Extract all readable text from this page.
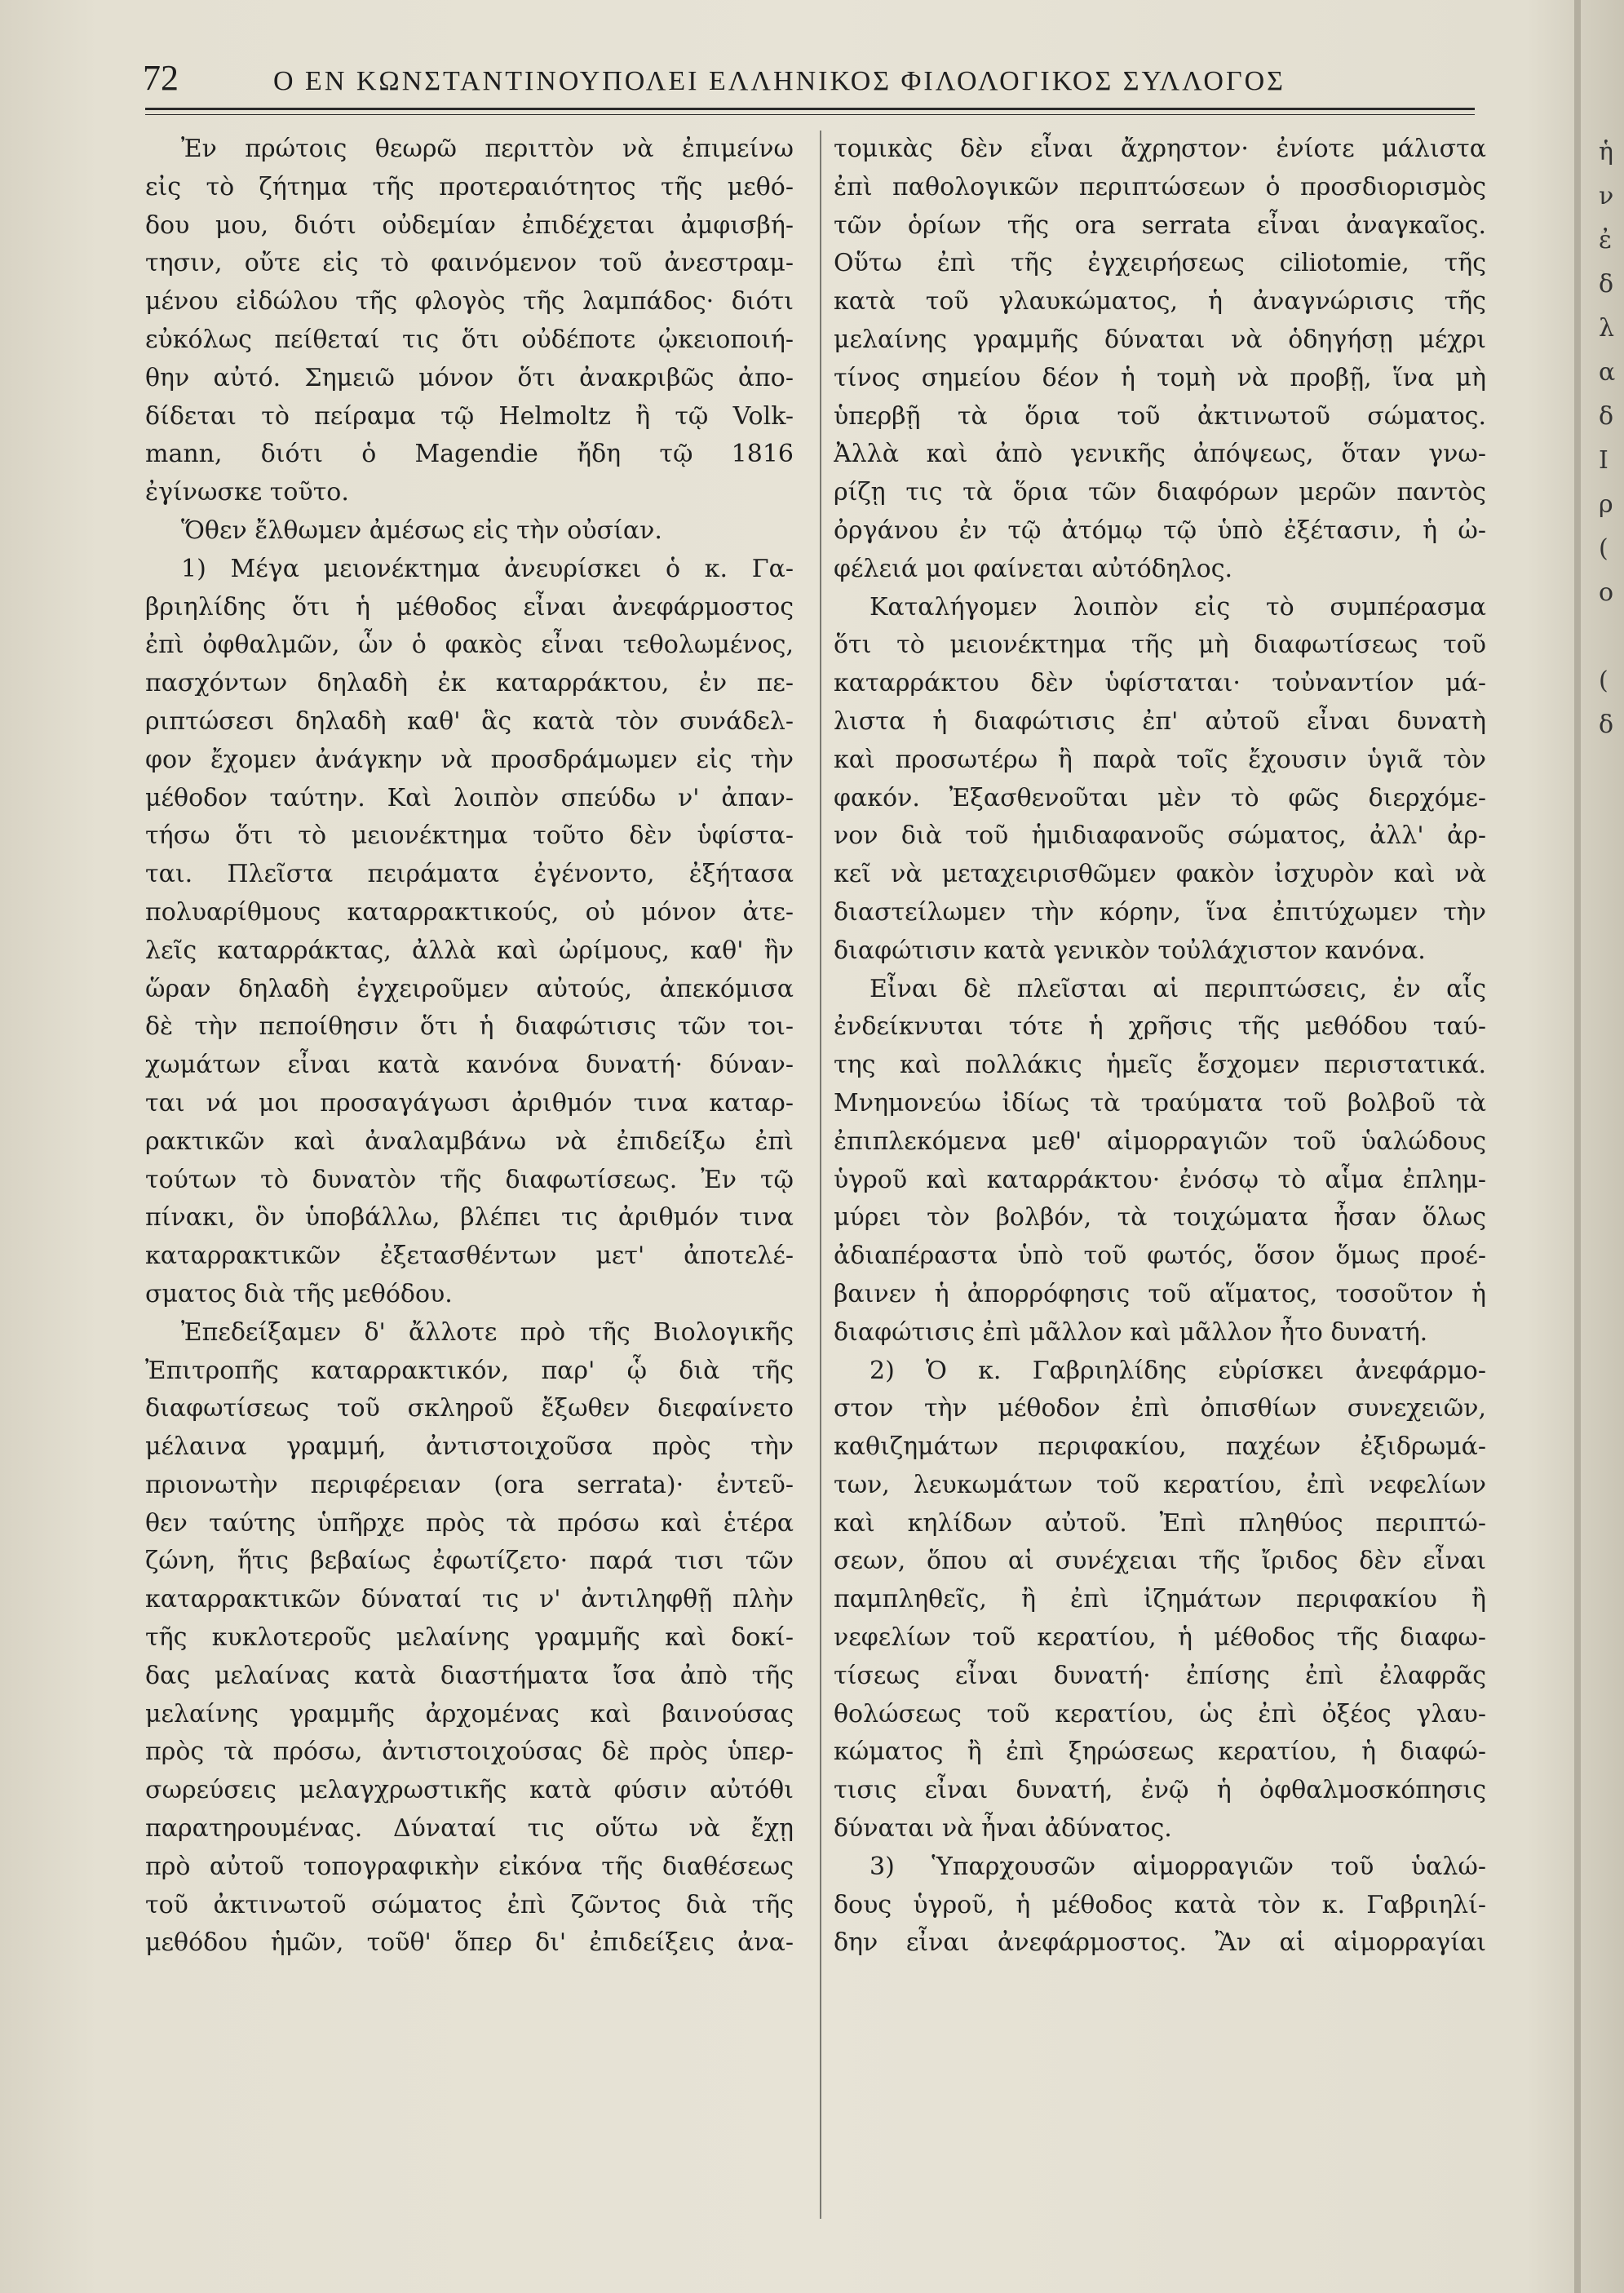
72	Ο ΕΝ ΚΩΝΣΤΑΝΤΙΝΟΥΠΟΛΕΙ ΕΛΛΗΝΙΚΟΣ ΦΙΛΟΛΟΓΙΚΟΣ ΣΥΛΛΟΓΟΣ
Ἐν πρώτοις θεωρῶ περιττὸν νὰ ἐπιμείνω
εἰς τὸ ζήτημα τῆς προτεραιότητος τῆς μεθό-
δου μου, διότι οὐδεμίαν ἐπιδέχεται ἀμφισβή-
τησιν, οὔτε εἰς τὸ φαινόμενον τοῦ ἀνεστραμ-
μένου εἰδώλου τῆς φλογὸς τῆς λαμπάδος· διότι
εὐκόλως πείθεταί τις ὅτι οὐδέποτε ᾠκειοποιή-
θην αὐτό. Σημειῶ μόνον ὅτι ἀνακριβῶς ἀπο-
δίδεται τὸ πείραμα τῷ Helmoltz ἢ τῷ Volk-
mann, διότι ὁ Magendie ἤδη τῷ 1816
ἐγίνωσκε τοῦτο.
Ὅθεν ἔλθωμεν ἀμέσως εἰς τὴν οὐσίαν.
1) Μέγα μειονέκτημα ἀνευρίσκει ὁ κ. Γα-
βριηλίδης ὅτι ἡ μέθοδος εἶναι ἀνεφάρμοστος
ἐπὶ ὀφθαλμῶν, ὧν ὁ φακὸς εἶναι τεθολωμένος,
πασχόντων δηλαδὴ ἐκ καταρράκτου, ἐν πε-
ριπτώσεσι δηλαδὴ καθ' ἃς κατὰ τὸν συνάδελ-
φον ἔχομεν ἀνάγκην νὰ προσδράμωμεν εἰς τὴν
μέθοδον ταύτην. Καὶ λοιπὸν σπεύδω ν' ἀπαν-
τήσω ὅτι τὸ μειονέκτημα τοῦτο δὲν ὑφίστα-
ται. Πλεῖστα πειράματα ἐγένοντο, ἐξήτασα
πολυαρίθμους καταρρακτικούς, οὐ μόνον ἀτε-
λεῖς καταρράκτας, ἀλλὰ καὶ ὠρίμους, καθ' ἣν
ὥραν δηλαδὴ ἐγχειροῦμεν αὐτούς, ἀπεκόμισα
δὲ τὴν πεποίθησιν ὅτι ἡ διαφώτισις τῶν τοι-
χωμάτων εἶναι κατὰ κανόνα δυνατή· δύναν-
ται νά μοι προσαγάγωσι ἀριθμόν τινα καταρ-
ρακτικῶν καὶ ἀναλαμβάνω νὰ ἐπιδείξω ἐπὶ
τούτων τὸ δυνατὸν τῆς διαφωτίσεως. Ἐν τῷ
πίνακι, ὃν ὑποβάλλω, βλέπει τις ἀριθμόν τινα
καταρρακτικῶν ἐξετασθέντων μετ' ἀποτελέ-
σματος διὰ τῆς μεθόδου.
Ἐπεδείξαμεν δ' ἄλλοτε πρὸ τῆς Βιολογικῆς
Ἐπιτροπῆς καταρρακτικόν, παρ' ᾧ διὰ τῆς
διαφωτίσεως τοῦ σκληροῦ ἔξωθεν διεφαίνετο
μέλαινα γραμμή, ἀντιστοιχοῦσα πρὸς τὴν
πριονωτὴν περιφέρειαν (ora serrata)· ἐντεῦ-
θεν ταύτης ὑπῆρχε πρὸς τὰ πρόσω καὶ ἑτέρα
ζώνη, ἥτις βεβαίως ἐφωτίζετο· παρά τισι τῶν
καταρρακτικῶν δύναταί τις ν' ἀντιληφθῇ πλὴν
τῆς κυκλοτεροῦς μελαίνης γραμμῆς καὶ δοκί-
δας μελαίνας κατὰ διαστήματα ἴσα ἀπὸ τῆς
μελαίνης γραμμῆς ἀρχομένας καὶ βαινούσας
πρὸς τὰ πρόσω, ἀντιστοιχούσας δὲ πρὸς ὑπερ-
σωρεύσεις μελαγχρωστικῆς κατὰ φύσιν αὐτόθι
παρατηρουμένας. Δύναταί τις οὕτω νὰ ἔχῃ
πρὸ αὐτοῦ τοπογραφικὴν εἰκόνα τῆς διαθέσεως
τοῦ ἀκτινωτοῦ σώματος ἐπὶ ζῶντος διὰ τῆς
μεθόδου ἡμῶν, τοῦθ' ὅπερ δι' ἐπιδείξεις ἀνα-
τομικὰς δὲν εἶναι ἄχρηστον· ἐνίοτε μάλιστα
ἐπὶ παθολογικῶν περιπτώσεων ὁ προσδιορισμὸς
τῶν ὁρίων τῆς ora serrata εἶναι ἀναγκαῖος.
Οὕτω ἐπὶ τῆς ἐγχειρήσεως ciliotomie, τῆς
κατὰ τοῦ γλαυκώματος, ἡ ἀναγνώρισις τῆς
μελαίνης γραμμῆς δύναται νὰ ὁδηγήσῃ μέχρι
τίνος σημείου δέον ἡ τομὴ νὰ προβῇ, ἵνα μὴ
ὑπερβῇ τὰ ὅρια τοῦ ἀκτινωτοῦ σώματος.
Ἀλλὰ καὶ ἀπὸ γενικῆς ἀπόψεως, ὅταν γνω-
ρίζῃ τις τὰ ὅρια τῶν διαφόρων μερῶν παντὸς
ὀργάνου ἐν τῷ ἀτόμῳ τῷ ὑπὸ ἐξέτασιν, ἡ ὠ-
φέλειά μοι φαίνεται αὐτόδηλος.
Καταλήγομεν λοιπὸν εἰς τὸ συμπέρασμα
ὅτι τὸ μειονέκτημα τῆς μὴ διαφωτίσεως τοῦ
καταρράκτου δὲν ὑφίσταται· τοὐναντίον μά-
λιστα ἡ διαφώτισις ἐπ' αὐτοῦ εἶναι δυνατὴ
καὶ προσωτέρω ἢ παρὰ τοῖς ἔχουσιν ὑγιᾶ τὸν
φακόν. Ἐξασθενοῦται μὲν τὸ φῶς διερχόμε-
νον διὰ τοῦ ἡμιδιαφανοῦς σώματος, ἀλλ' ἀρ-
κεῖ νὰ μεταχειρισθῶμεν φακὸν ἰσχυρὸν καὶ νὰ
διαστείλωμεν τὴν κόρην, ἵνα ἐπιτύχωμεν τὴν
διαφώτισιν κατὰ γενικὸν τοὐλάχιστον κανόνα.
Εἶναι δὲ πλεῖσται αἱ περιπτώσεις, ἐν αἷς
ἐνδείκνυται τότε ἡ χρῆσις τῆς μεθόδου ταύ-
της καὶ πολλάκις ἡμεῖς ἔσχομεν περιστατικά.
Μνημονεύω ἰδίως τὰ τραύματα τοῦ βολβοῦ τὰ
ἐπιπλεκόμενα μεθ' αἱμορραγιῶν τοῦ ὑαλώδους
ὑγροῦ καὶ καταρράκτου· ἐνόσῳ τὸ αἷμα ἐπλημ-
μύρει τὸν βολβόν, τὰ τοιχώματα ἦσαν ὅλως
ἀδιαπέραστα ὑπὸ τοῦ φωτός, ὅσον ὅμως προέ-
βαινεν ἡ ἀπορρόφησις τοῦ αἵματος, τοσοῦτον ἡ
διαφώτισις ἐπὶ μᾶλλον καὶ μᾶλλον ἦτο δυνατή.
2) Ὁ κ. Γαβριηλίδης εὑρίσκει ἀνεφάρμο-
στον τὴν μέθοδον ἐπὶ ὀπισθίων συνεχειῶν,
καθιζημάτων περιφακίου, παχέων ἐξιδρωμά-
των, λευκωμάτων τοῦ κερατίου, ἐπὶ νεφελίων
καὶ κηλίδων αὐτοῦ. Ἐπὶ πληθύος περιπτώ-
σεων, ὅπου αἱ συνέχειαι τῆς ἴριδος δὲν εἶναι
παμπληθεῖς, ἢ ἐπὶ ἰζημάτων περιφακίου ἢ
νεφελίων τοῦ κερατίου, ἡ μέθοδος τῆς διαφω-
τίσεως εἶναι δυνατή· ἐπίσης ἐπὶ ἐλαφρᾶς
θολώσεως τοῦ κερατίου, ὡς ἐπὶ ὀξέος γλαυ-
κώματος ἢ ἐπὶ ξηρώσεως κερατίου, ἡ διαφώ-
τισις εἶναι δυνατή, ἐνῷ ἡ ὀφθαλμοσκόπησις
δύναται νὰ ἦναι ἀδύνατος.
3) Ὑπαρχουσῶν αἱμορραγιῶν τοῦ ὑαλώ-
δους ὑγροῦ, ἡ μέθοδος κατὰ τὸν κ. Γαβριηλί-
δην εἶναι ἀνεφάρμοστος. Ἂν αἱ αἱμορραγίαι
ἡ
ν
ἐ
δ
λ
α
δ
Ι
ρ
(
ο

(
δ
